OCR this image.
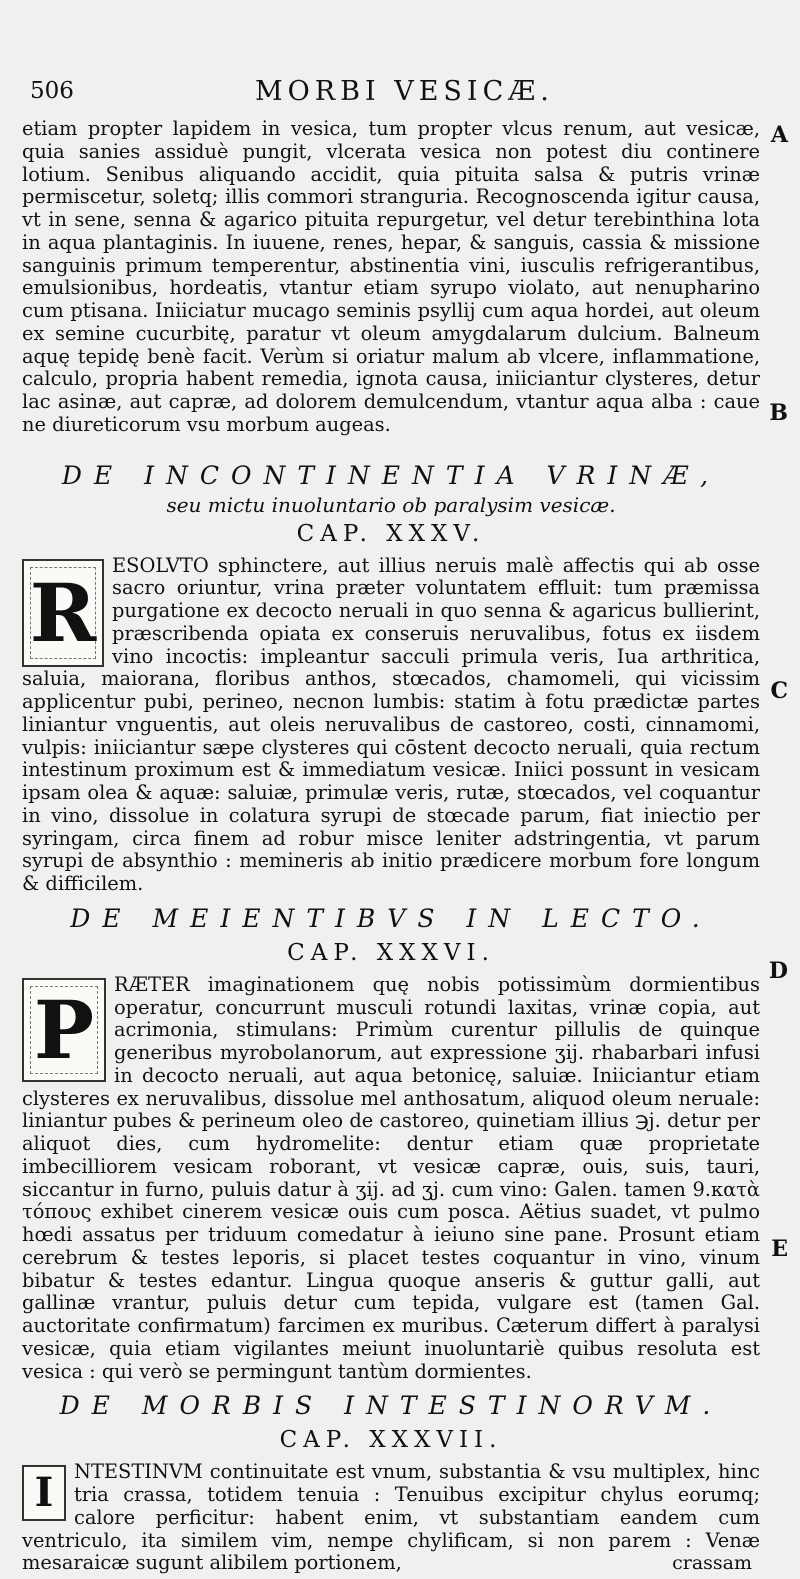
506	MORBI VESICÆ.
A
B
C
D
E

etiam propter lapidem in vesica, tum propter vlcus renum, aut vesicæ, quia sanies assiduè pungit, vlcerata vesica non potest diu continere lotium. Senibus aliquando accidit, quia pituita salsa & putris vrinæ permiscetur, soletq; illis commori stranguria. Recognoscenda igitur causa, vt in sene, senna & agarico pituita repurgetur, vel detur terebinthina lota in aqua plantaginis. In iuuene, renes, hepar, & sanguis, cassia & missione sanguinis primum temperentur, abstinentia vini, iusculis refrigerantibus, emulsionibus, hordeatis, vtantur etiam syrupo violato, aut nenupharino cum ptisana. Iniiciatur mucago seminis psyllij cum aqua hordei, aut oleum ex semine cucurbitę, paratur vt oleum amygdalarum dulcium. Balneum aquę tepidę benè facit. Verùm si oriatur malum ab vlcere, inflammatione, calculo, propria habent remedia, ignota causa, iniiciantur clysteres, detur lac asinæ, aut capræ, ad dolorem demulcendum, vtantur aqua alba : caue ne diureticorum vsu morbum augeas.

DE INCONTINENTIA VRINÆ,

seu mictu inuoluntario ob paralysim vesicæ.

CAP. XXXV.

R

ESOLVTO sphinctere, aut illius neruis malè affectis qui ab osse sacro oriuntur, vrina præter voluntatem effluit: tum præmissa purgatione ex decocto neruali in quo senna & agaricus bullierint, præscribenda opiata ex conseruis neruvalibus, fotus ex iisdem vino incoctis: impleantur sacculi primula veris, Iua arthritica, saluia, maiorana, floribus anthos, stœcados, chamomeli, qui vicissim applicentur pubi, perineo, necnon lumbis: statim à fotu prædictæ partes liniantur vnguentis, aut oleis neruvalibus de castoreo, costi, cinnamomi, vulpis: iniiciantur sæpe clysteres qui cōstent decocto neruali, quia rectum intestinum proximum est & immediatum vesicæ. Iniici possunt in vesicam ipsam olea & aquæ: saluiæ, primulæ veris, rutæ, stœcados, vel coquantur in vino, dissolue in colatura syrupi de stœcade parum, fiat iniectio per syringam, circa finem ad robur misce leniter adstringentia, vt parum syrupi de absynthio : memineris ab initio prædicere morbum fore longum & difficilem.

DE MEIENTIBVS IN LECTO.

CAP. XXXVI.

P	RÆTER imaginationem quę nobis potissimùm dormientibus operatur, concurrunt musculi rotundi laxitas, vrinæ copia, aut acrimonia, stimulans: Primùm curentur pillulis de quinque generibus myrobolanorum, aut expressione ʒij. rhabarbari infusi in decocto neruali, aut aqua betonicę, saluiæ. Iniiciantur etiam clysteres ex neruvalibus, dissolue mel anthosatum, aliquod oleum neruale: liniantur pubes & perineum oleo de castoreo, quinetiam illius ℈j. detur per aliquot dies, cum hydromelite: dentur etiam quæ proprietate imbecilliorem vesicam roborant, vt vesicæ capræ, ouis, suis, tauri, siccantur in furno, puluis datur à ʒij. ad ʒj. cum vino: Galen. tamen 9.κατὰ τόπους exhibet cinerem vesicæ ouis cum posca. Aëtius suadet, vt pulmo hœdi assatus per triduum comedatur à ieiuno sine pane. Prosunt etiam cerebrum & testes leporis, si placet testes coquantur in vino, vinum bibatur & testes edantur. Lingua quoque anseris & guttur galli, aut gallinæ vrantur, puluis detur cum tepida, vulgare est (tamen Gal. auctoritate confirmatum) farcimen ex muribus. Cæterum differt à paralysi vesicæ, quia etiam vigilantes meiunt inuoluntariè quibus resoluta est vesica : qui verò se permingunt tantùm dormientes.

DE MORBIS INTESTINORVM.

CAP. XXXVII.

I	NTESTINVM continuitate est vnum, substantia & vsu multiplex, hinc tria crassa, totidem tenuia : Tenuibus excipitur chylus eorumq; calore perficitur: habent enim, vt substantiam eandem cum ventriculo, ita similem vim, nempe chylificam, si non parem : Venæ mesaraicæ sugunt alibilem portionem,	crassam
